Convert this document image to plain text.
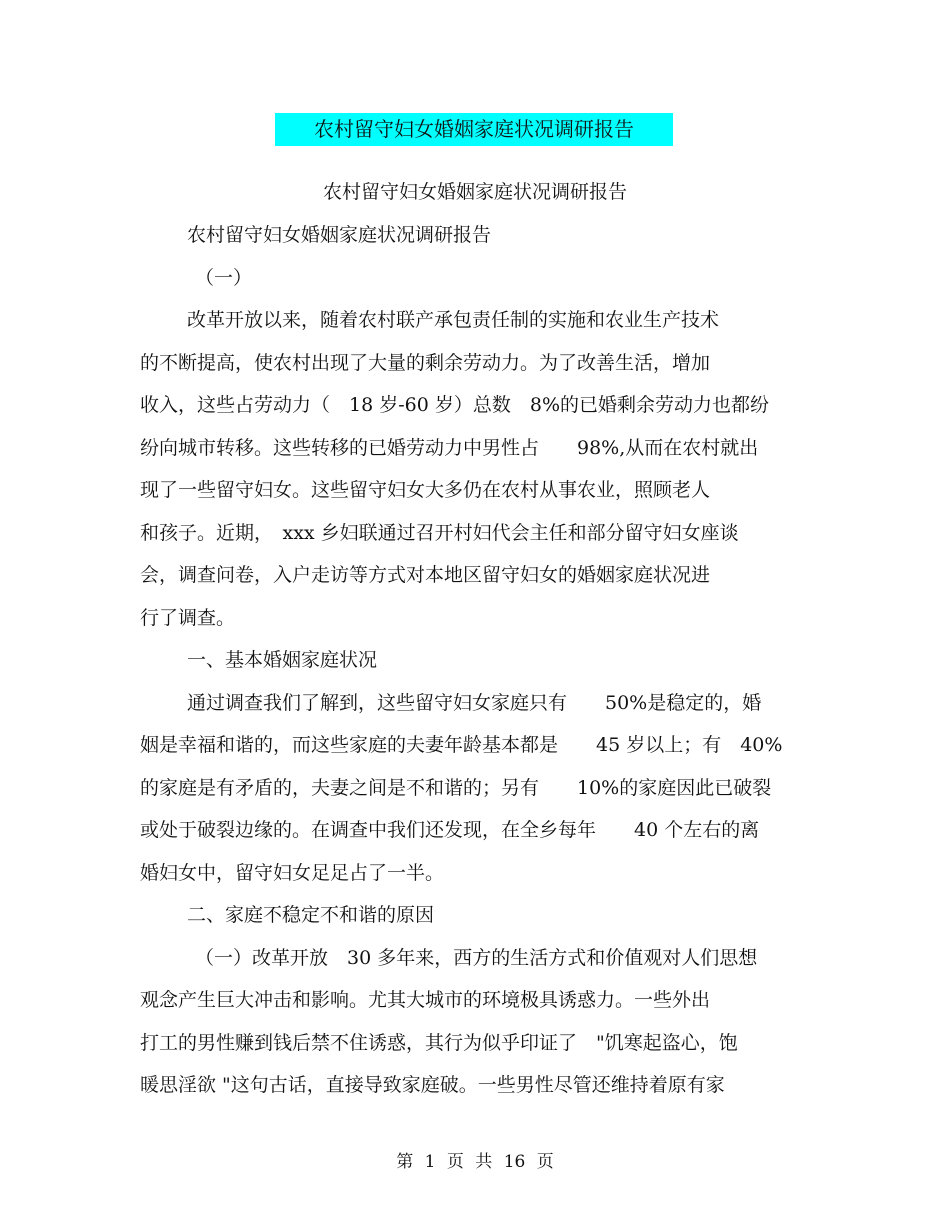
农村留守妇女婚姻家庭状况调研报告
农村留守妇女婚姻家庭状况调研报告
农村留守妇女婚姻家庭状况调研报告
（一）
改革开放以来，随着农村联产承包责任制的实施和农业生产技术
的不断提高，使农村出现了大量的剩余劳动力。为了改善生活，增加
收入，这些占劳动力（　18 岁-60 岁）总数　8%的已婚剩余劳动力也都纷
纷向城市转移。这些转移的已婚劳动力中男性占　　98%,从而在农村就出
现了一些留守妇女。这些留守妇女大多仍在农村从事农业，照顾老人
和孩子。近期，　xxx 乡妇联通过召开村妇代会主任和部分留守妇女座谈
会，调查问卷，入户走访等方式对本地区留守妇女的婚姻家庭状况进
行了调查。
一、基本婚姻家庭状况
通过调查我们了解到，这些留守妇女家庭只有　　50%是稳定的，婚
姻是幸福和谐的，而这些家庭的夫妻年龄基本都是　　45 岁以上；有　40%
的家庭是有矛盾的，夫妻之间是不和谐的；另有　　10%的家庭因此已破裂
或处于破裂边缘的。在调查中我们还发现，在全乡每年　　40 个左右的离
婚妇女中，留守妇女足足占了一半。
二、家庭不稳定不和谐的原因
（一）改革开放　30 多年来，西方的生活方式和价值观对人们思想
观念产生巨大冲击和影响。尤其大城市的环境极具诱惑力。一些外出
打工的男性赚到钱后禁不住诱惑，其行为似乎印证了　"饥寒起盗心，饱
暖思淫欲 "这句古话，直接导致家庭破。一些男性尽管还维持着原有家
第 1 页 共 16 页
